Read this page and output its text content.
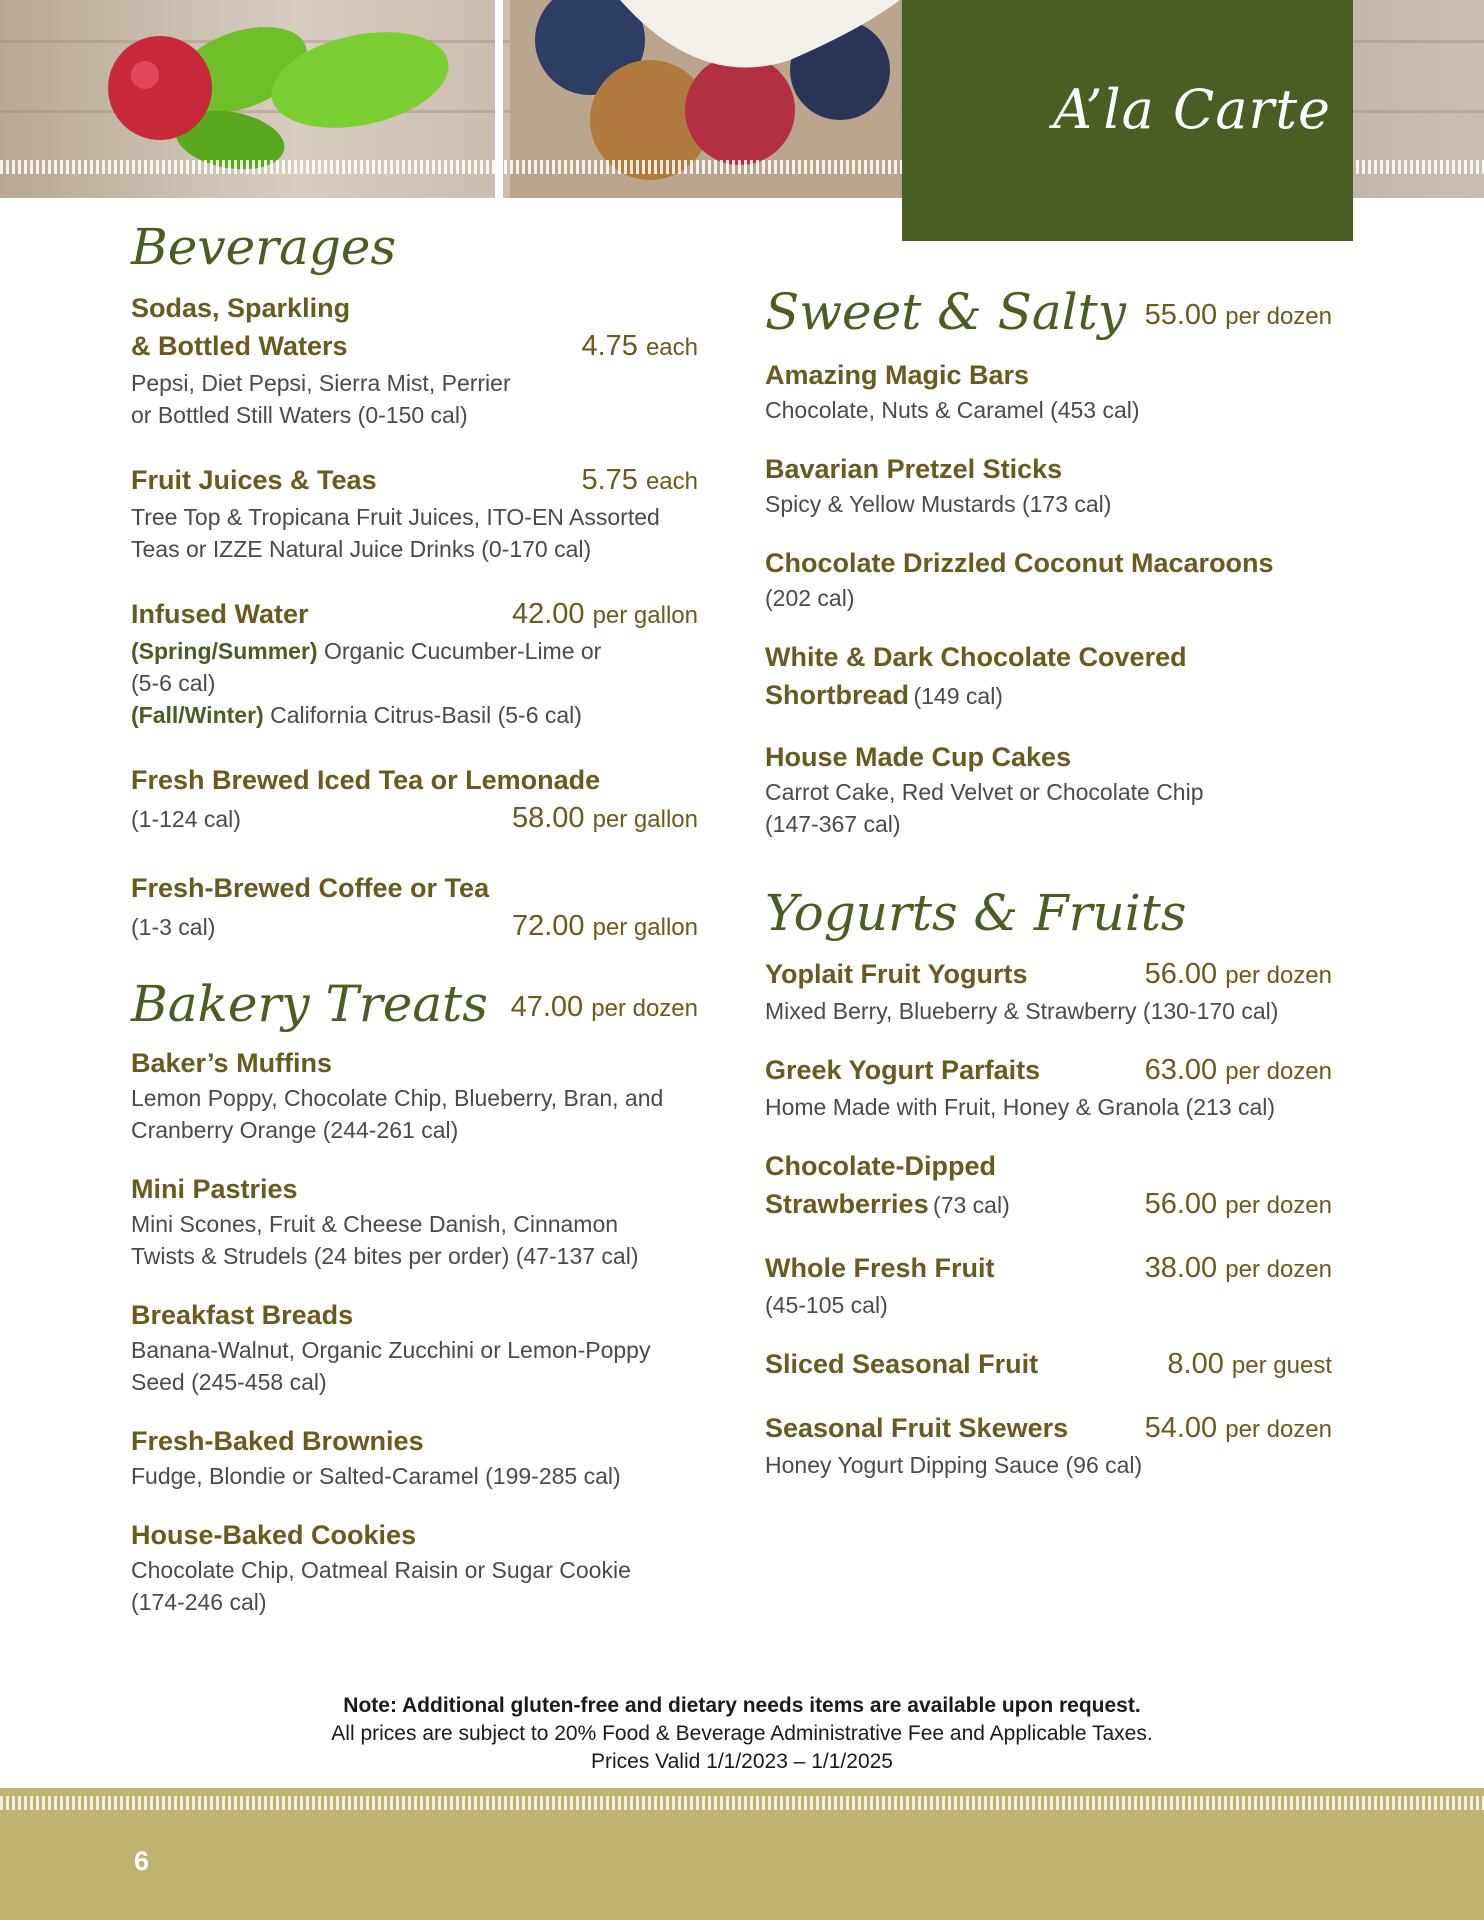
A’la Carte
Beverages
Sodas, Sparkling
& Bottled Waters	4.75 each
Pepsi, Diet Pepsi, Sierra Mist, Perrier
or Bottled Still Waters (0-150 cal)
Fruit Juices & Teas	5.75 each
Tree Top & Tropicana Fruit Juices, ITO-EN Assorted
Teas or IZZE Natural Juice Drinks (0-170 cal)
Infused Water	42.00 per gallon
(Spring/Summer) Organic Cucumber-Lime or
(5-6 cal)
(Fall/Winter) California Citrus-Basil (5-6 cal)
Fresh Brewed Iced Tea or Lemonade
(1-124 cal)	58.00 per gallon
Fresh-Brewed Coffee or Tea
(1-3 cal)	72.00 per gallon
Bakery Treats 47.00 per dozen
Baker’s Muffins
Lemon Poppy, Chocolate Chip, Blueberry, Bran, and
Cranberry Orange (244-261 cal)
Mini Pastries
Mini Scones, Fruit & Cheese Danish, Cinnamon
Twists & Strudels (24 bites per order) (47-137 cal)
Breakfast Breads
Banana-Walnut, Organic Zucchini or Lemon-Poppy
Seed (245-458 cal)
Fresh-Baked Brownies
Fudge, Blondie or Salted-Caramel (199-285 cal)
House-Baked Cookies
Chocolate Chip, Oatmeal Raisin or Sugar Cookie
(174-246 cal)
Sweet & Salty 55.00 per dozen
Amazing Magic Bars
Chocolate, Nuts & Caramel (453 cal)
Bavarian Pretzel Sticks
Spicy & Yellow Mustards (173 cal)
Chocolate Drizzled Coconut Macaroons
(202 cal)
White & Dark Chocolate Covered
Shortbread (149 cal)
House Made Cup Cakes
Carrot Cake, Red Velvet or Chocolate Chip
(147-367 cal)
Yogurts & Fruits
Yoplait Fruit Yogurts	56.00 per dozen
Mixed Berry, Blueberry & Strawberry (130-170 cal)
Greek Yogurt Parfaits	63.00 per dozen
Home Made with Fruit, Honey & Granola (213 cal)
Chocolate-Dipped
Strawberries (73 cal)	56.00 per dozen
Whole Fresh Fruit	38.00 per dozen
(45-105 cal)
Sliced Seasonal Fruit	8.00 per guest
Seasonal Fruit Skewers	54.00 per dozen
Honey Yogurt Dipping Sauce (96 cal)
Note: Additional gluten-free and dietary needs items are available upon request.
All prices are subject to 20% Food & Beverage Administrative Fee and Applicable Taxes.
Prices Valid 1/1/2023 – 1/1/2025
6
